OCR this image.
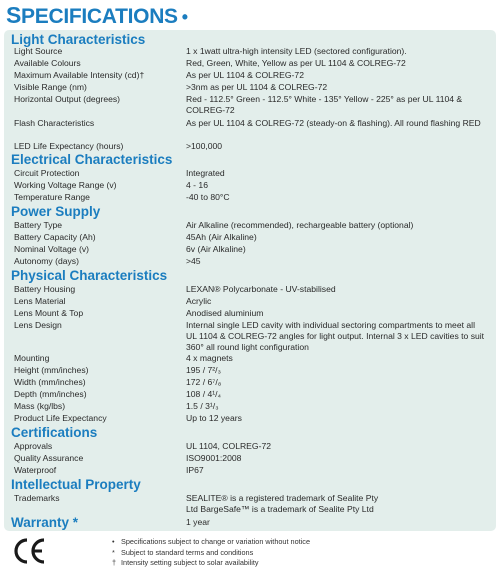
SPECIFICATIONS •
Light Characteristics
Light Source	1 x 1watt ultra-high intensity LED (sectored configuration).
Available Colours	Red, Green, White, Yellow as per UL 1104 & COLREG-72
Maximum Available Intensity (cd)†	As per UL 1104 & COLREG-72
Visible Range (nm)	>3nm as per UL 1104 & COLREG-72
Horizontal Output (degrees)	Red - 112.5° Green - 112.5° White - 135° Yellow - 225° as per UL 1104 & COLREG-72
Flash Characteristics	As per UL 1104 & COLREG-72 (steady-on & flashing). All round flashing RED
LED Life Expectancy (hours)	>100,000
Electrical Characteristics
Circuit Protection	Integrated
Working Voltage Range (v)	4 - 16
Temperature Range	-40 to 80°C
Power Supply
Battery Type	Air Alkaline (recommended), rechargeable battery (optional)
Battery Capacity (Ah)	45Ah (Air Alkaline)
Nominal Voltage (v)	6v (Air Alkaline)
Autonomy (days)	>45
Physical Characteristics
Battery Housing	LEXAN® Polycarbonate - UV-stabilised
Lens Material	Acrylic
Lens Mount & Top	Anodised aluminium
Lens Design	Internal single LED cavity with individual sectoring compartments to meet all UL 1104 & COLREG-72 angles for light output. Internal 3 x LED cavities to suit 360° all round light configuration
Mounting	4 x magnets
Height (mm/inches)	195 / 7²/₃
Width (mm/inches)	172 / 6⁷/₈
Depth (mm/inches)	108 / 4¹/₄
Mass (kg/lbs)	1.5 / 3¹/₃
Product Life Expectancy	Up to 12 years
Certifications
Approvals	UL 1104, COLREG-72
Quality Assurance	ISO9001:2008
Waterproof	IP67
Intellectual Property
Trademarks	SEALITE® is a registered trademark of Sealite Pty Ltd BargeSafe™ is a trademark of Sealite Pty Ltd
Warranty *	1 year
• Specifications subject to change or variation without notice
* Subject to standard terms and conditions
† Intensity setting subject to solar availability
